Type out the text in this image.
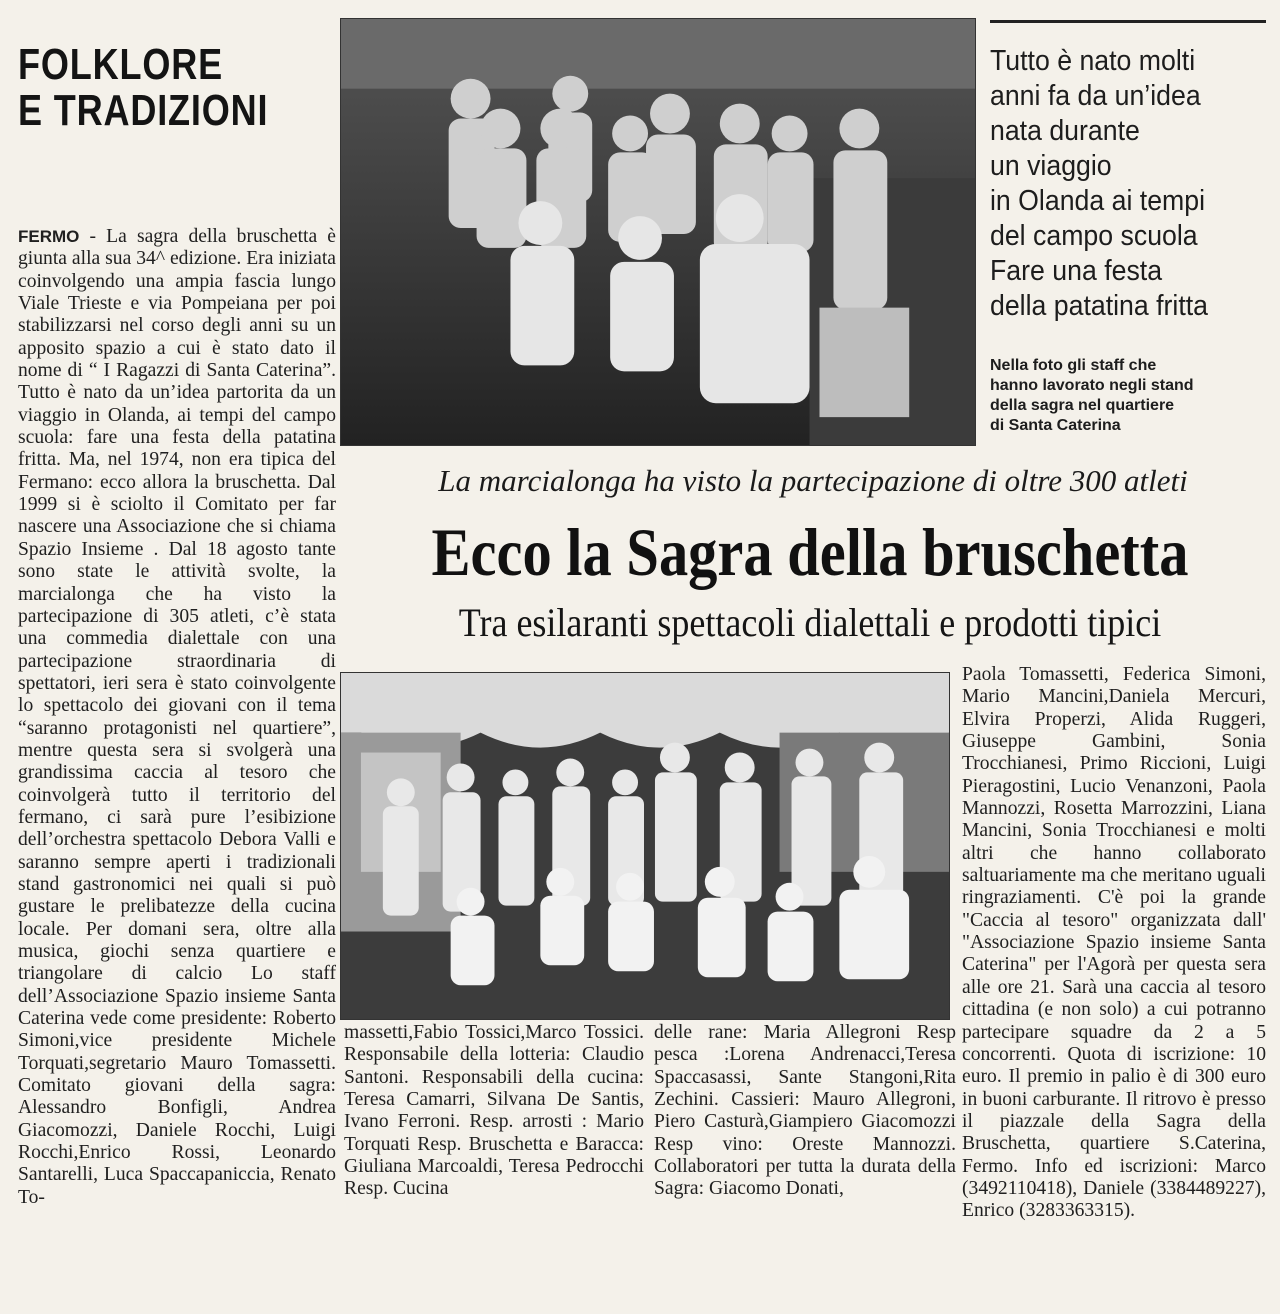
FOLKLORE
E TRADIZIONI
FERMO - La sagra della bruschetta è giunta alla sua 34^ edizione. Era iniziata coinvolgendo una ampia fascia lungo Viale Trieste e via Pompeiana per poi stabilizzarsi nel corso degli anni su un apposito spazio a cui è stato dato il nome di “ I Ragazzi di Santa Caterina”. Tutto è nato da un’idea partorita da un viaggio in Olanda, ai tempi del campo scuola: fare una festa della patatina fritta. Ma, nel 1974, non era tipica del Fermano: ecco allora la bruschetta. Dal 1999 si è sciolto il Comitato per far nascere una Associazione che si chiama Spazio Insieme . Dal 18 agosto tante sono state le attività svolte, la marcialonga che ha visto la partecipazione di 305 atleti, c’è stata una commedia dialettale con una partecipazione straordinaria di spettatori, ieri sera è stato coinvolgente lo spettacolo dei giovani con il tema “saranno protagonisti nel quartiere”, mentre questa sera si svolgerà una grandissima caccia al tesoro che coinvolgerà tutto il territorio del fermano, ci sarà pure l’esibizione dell’orchestra spettacolo Debora Valli e saranno sempre aperti i tradizionali stand gastronomici nei quali si può gustare le prelibatezze della cucina locale. Per domani sera, oltre alla musica, giochi senza quartiere e triangolare di calcio Lo staff dell’Associazione Spazio insieme Santa Caterina vede come presidente: Roberto Simoni,vice presidente Michele Torquati,segretario Mauro Tomassetti. Comitato giovani della sagra: Alessandro Bonfigli, Andrea Giacomozzi, Daniele Rocchi, Luigi Rocchi,Enrico Rossi, Leonardo Santarelli, Luca Spaccapaniccia, Renato To-
Tutto è nato molti
anni fa da un’idea
nata durante
un viaggio
in Olanda ai tempi
del campo scuola
Fare una festa
della patatina fritta
Nella foto gli staff che
hanno lavorato negli stand
della sagra nel quartiere
di Santa Caterina
La marcialonga ha visto la partecipazione di oltre 300 atleti
Ecco la Sagra della bruschetta
Tra esilaranti spettacoli dialettali e prodotti tipici
massetti,Fabio Tossici,Marco Tossici. Responsabile della lotteria: Claudio Santoni. Responsabili della cucina: Teresa Camarri, Silvana De Santis, Ivano Ferroni. Resp. arrosti : Mario Torquati Resp. Bruschetta e Baracca: Giuliana Marcoaldi, Teresa Pedrocchi Resp. Cucina
delle rane: Maria Allegroni Resp pesca :Lorena Andrenacci,Teresa Spaccasassi, Sante Stangoni,Rita Zechini. Cassieri: Mauro Allegroni, Piero Casturà,Giampiero Giacomozzi Resp vino: Oreste Mannozzi. Collaboratori per tutta la durata della Sagra: Giacomo Donati,
Paola Tomassetti, Federica Simoni, Mario Mancini,Daniela Mercuri, Elvira Properzi, Alida Ruggeri, Giuseppe Gambini, Sonia Trocchianesi, Primo Riccioni, Luigi Pieragostini, Lucio Venanzoni, Paola Mannozzi, Rosetta Marrozzini, Liana Mancini, Sonia Trocchianesi e molti altri che hanno collaborato saltuariamente ma che meritano uguali ringraziamenti. C'è poi la grande "Caccia al tesoro" organizzata dall' "Associazione Spazio insieme Santa Caterina" per l'Agorà per questa sera alle ore 21. Sarà una caccia al tesoro cittadina (e non solo) a cui potranno partecipare squadre da 2 a 5 concorrenti. Quota di iscrizione: 10 euro. Il premio in palio è di 300 euro in buoni carburante. Il ritrovo è presso il piazzale della Sagra della Bruschetta, quartiere S.Caterina, Fermo. Info ed iscrizioni: Marco (3492110418), Daniele (3384489227), Enrico (3283363315).
